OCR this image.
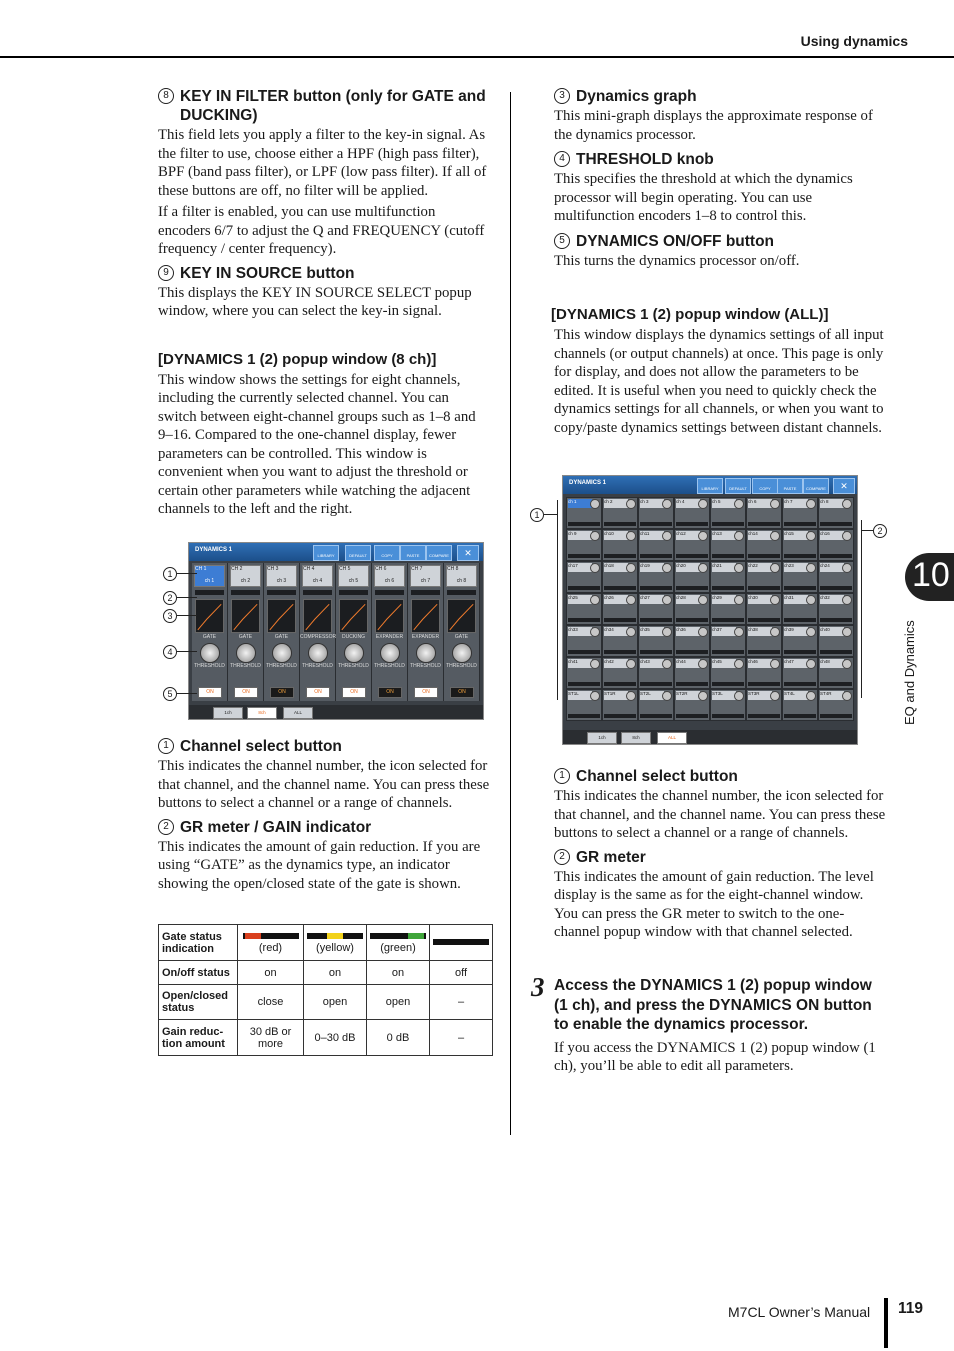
Using dynamics
8 KEY IN FILTER button (only for GATE and DUCKING)

This field lets you apply a filter to the key-in signal. As the filter to use, choose either a HPF (high pass filter), BPF (band pass filter), or LPF (low pass filter). If all of these buttons are off, no filter will be applied.

If a filter is enabled, you can use multifunction encoders 6/7 to adjust the Q and FREQUENCY (cutoff frequency / center frequency).

9 KEY IN SOURCE button

This displays the KEY IN SOURCE SELECT popup window, where you can select the key-in signal.

[DYNAMICS 1 (2) popup window (8 ch)]

This window shows the settings for eight channels, including the currently selected channel. You can switch between eight-channel groups such as 1–8 and 9–16. Compared to the one-channel display, fewer parameters can be controlled. This window is convenient when you want to adjust the threshold or certain other parameters while watching the adjacent channels to the left and the right.

DYNAMICS 1
LIBRARY	DEFAULT	COPY	PASTE	COMPARE	✕
CH 1
ch 1
GATE
THRESHOLD
ON
CH 2
ch 2
GATE
THRESHOLD
ON
CH 3
ch 3
GATE
THRESHOLD
ON
CH 4
ch 4
COMPRESSOR
THRESHOLD
ON
CH 5
ch 5
DUCKING
THRESHOLD
ON
CH 6
ch 6
EXPANDER
THRESHOLD
ON
CH 7
ch 7
EXPANDER
THRESHOLD
ON
CH 8
ch 8
GATE
THRESHOLD
ON
1ch	8ch	ALL
1
2
3
4
5
1 Channel select button

This indicates the channel number, the icon selected for that channel, and the channel name. You can press these buttons to select a channel or a range of channels.

2 GR meter / GAIN indicator

This indicates the amount of gain reduction. If you are using “GATE” as the dynamics type, an indicator showing the open/closed state of the gate is shown.

Gate status indication	(red)	(yellow)	(green)	

On/off status	on	on	on	off
Open/closed status	close	open	open	–
Gain reduc-tion amount	30 dB or more	0–30 dB	0 dB	–
3 Dynamics graph

This mini-graph displays the approximate response of the dynamics processor.

4 THRESHOLD knob

This specifies the threshold at which the dynamics processor will begin operating. You can use multifunction encoders 1–8 to control this.

5 DYNAMICS ON/OFF button

This turns the dynamics processor on/off.

[DYNAMICS 1 (2) popup window (ALL)]

This window displays the dynamics settings of all input channels (or output channels) at once. This page is only for display, and does not allow the parameters to be edited. It is useful when you need to quickly check the dynamics settings for all channels, or when you want to copy/paste dynamics settings between distant channels.

DYNAMICS 1
LIBRARY	DEFAULT	COPY	PASTE	COMPARE	✕
ch 1	ch 2	ch 3	ch 4	ch 5	ch 6	ch 7	ch 8
ch 9	ch10	ch11	ch12	ch13	ch14	ch15	ch16
ch17	ch18	ch19	ch20	ch21	ch22	ch23	ch24
ch25	ch26	ch27	ch28	ch29	ch30	ch31	ch32
ch33	ch34	ch35	ch36	ch37	ch38	ch39	ch40
ch41	ch42	ch43	ch44	ch45	ch46	ch47	ch48
ST1L	ST1R	ST2L	ST2R	ST3L	ST3R	ST4L	ST4R
1ch	8ch	ALL
1
2
1 Channel select button

This indicates the channel number, the icon selected for that channel, and the channel name. You can press these buttons to select a channel or a range of channels.

2 GR meter

This indicates the amount of gain reduction. The level display is the same as for the eight-channel window. You can press the GR meter to switch to the one-channel popup window with that channel selected.

3 Access the DYNAMICS 1 (2) popup window (1 ch), and press the DYNAMICS ON button to enable the dynamics processor.

If you access the DYNAMICS 1 (2) popup window (1 ch), you’ll be able to edit all parameters.

10
EQ and Dynamics
M7CL Owner’s Manual 119
